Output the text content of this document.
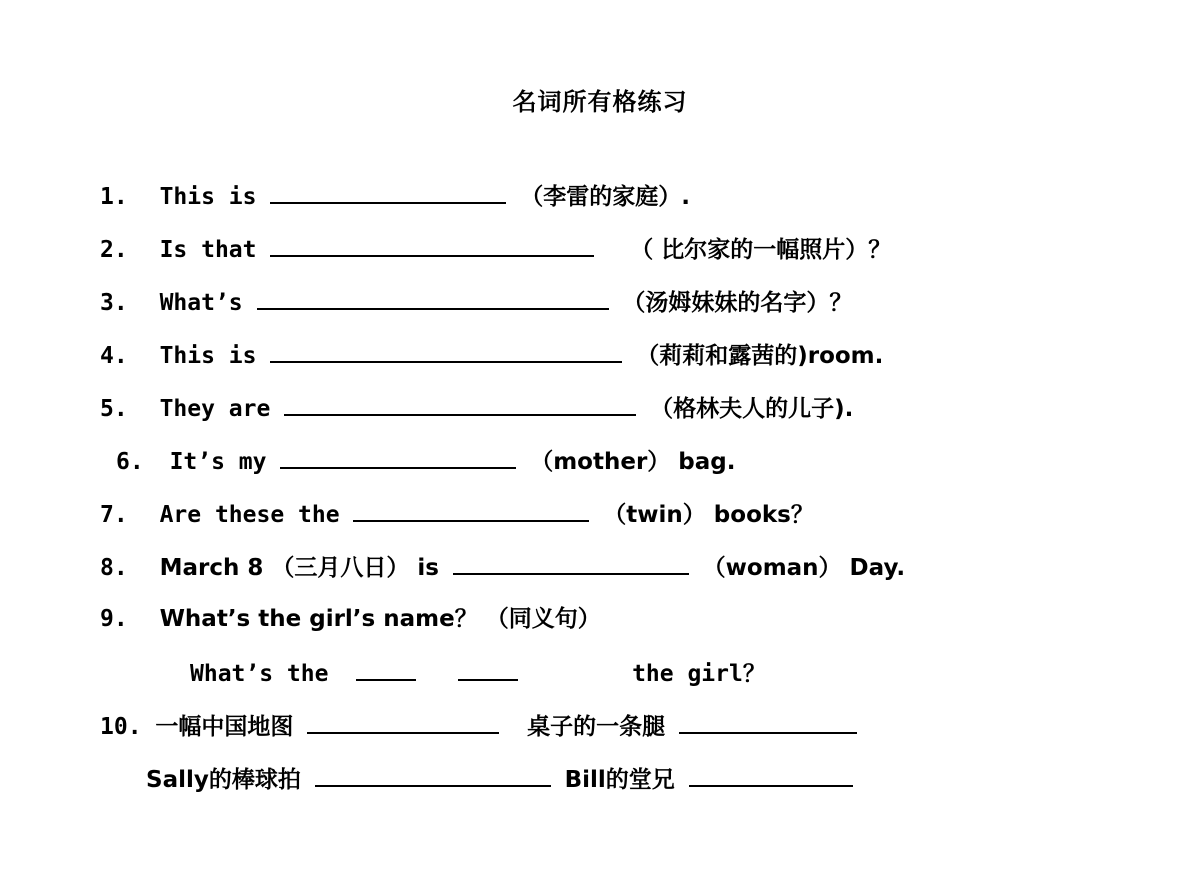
名词所有格练习
1. This is	（李雷的家庭）.
2. Is that	（ 比尔家的一幅照片）？
3. What’s	（汤姆妹妹的名字）？
4. This is	（莉莉和露茜的)room.
5. They are	（格林夫人的儿子).
6. It’s my	（mother） bag.
7. Are these the	（twin） books？
8. March 8 （三月八日） is	（woman） Day.
9. What’s the girl’s name？ （同义句）
What’s the	the girl？
10. 一幅中国地图	桌子的一条腿
Sally的棒球拍	Bill的堂兄
